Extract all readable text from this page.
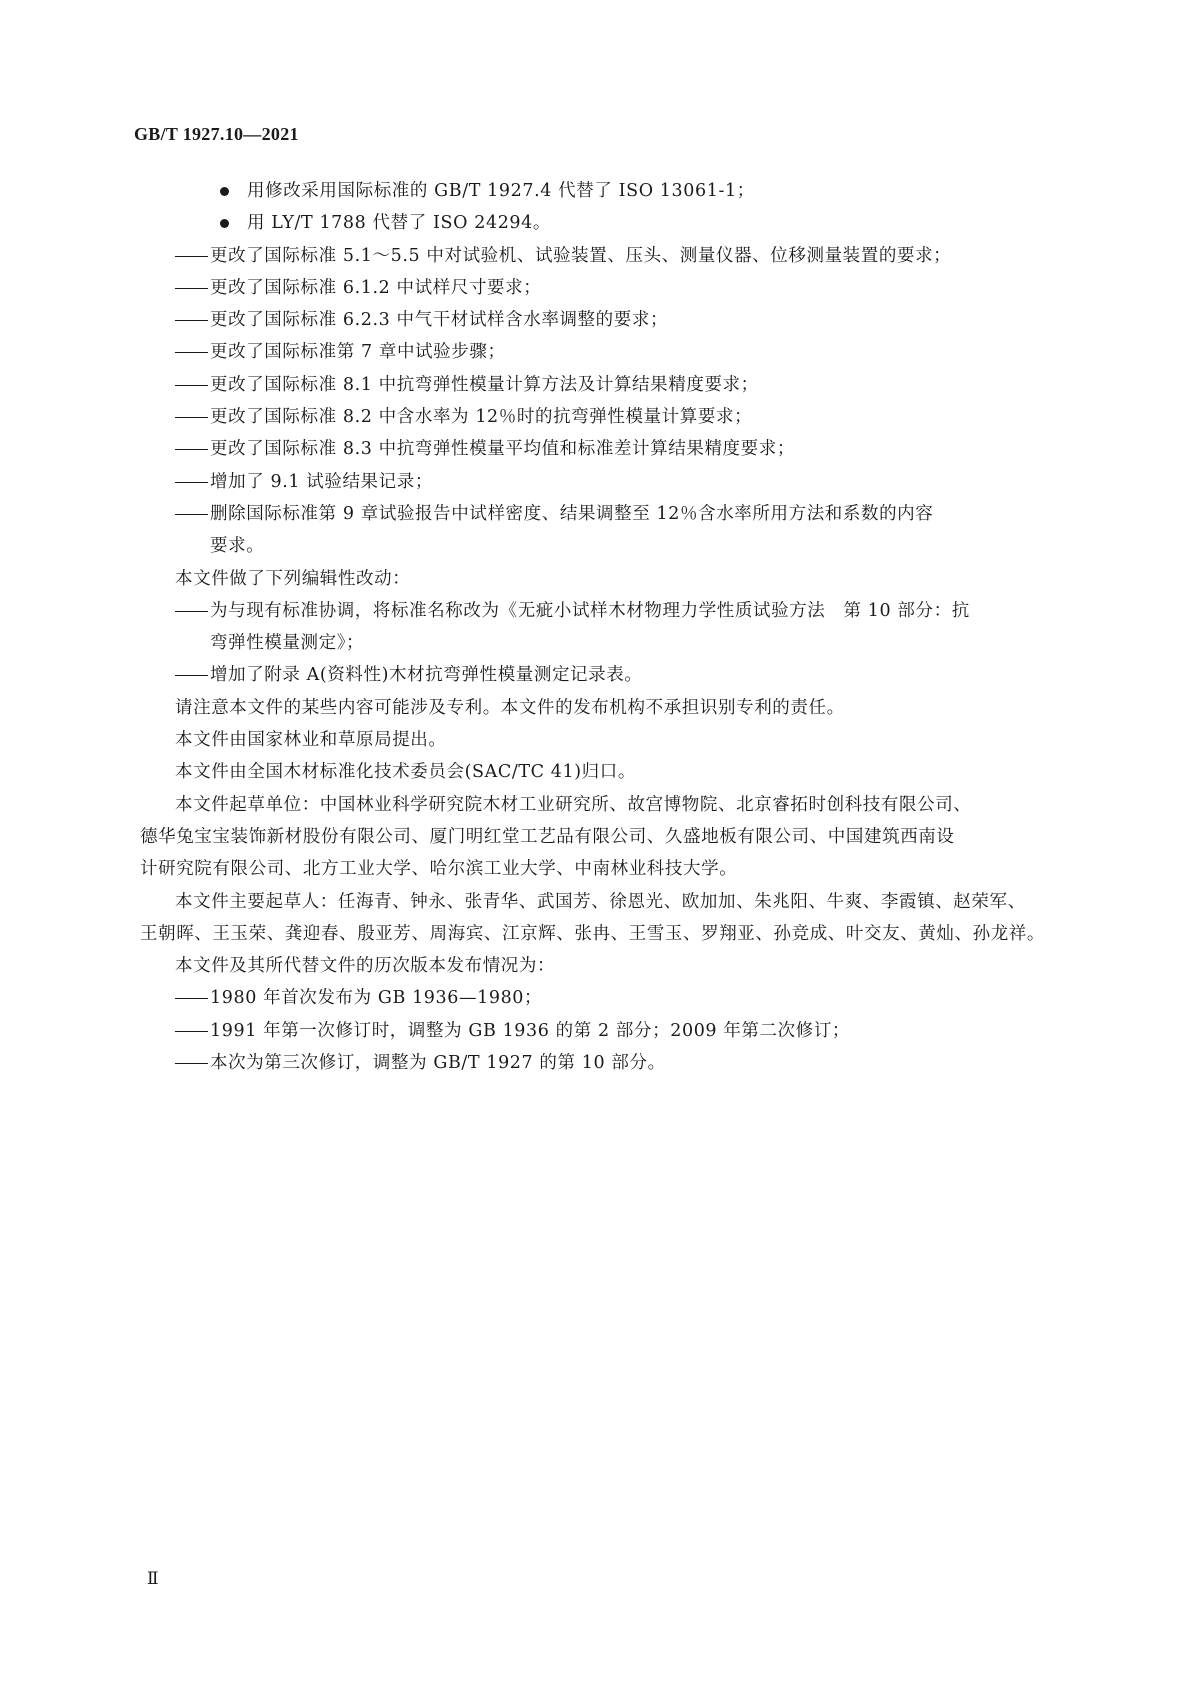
GB/T 1927.10—2021
用修改采用国际标准的 GB/T 1927.4 代替了 ISO 13061-1；
用 LY/T 1788 代替了 ISO 24294。
更改了国际标准 5.1～5.5 中对试验机、试验装置、压头、测量仪器、位移测量装置的要求；
更改了国际标准 6.1.2 中试样尺寸要求；
更改了国际标准 6.2.3 中气干材试样含水率调整的要求；
更改了国际标准第 7 章中试验步骤；
更改了国际标准 8.1 中抗弯弹性模量计算方法及计算结果精度要求；
更改了国际标准 8.2 中含水率为 12％时的抗弯弹性模量计算要求；
更改了国际标准 8.3 中抗弯弹性模量平均值和标准差计算结果精度要求；
增加了 9.1 试验结果记录；
删除国际标准第 9 章试验报告中试样密度、结果调整至 12％含水率所用方法和系数的内容
要求。
本文件做了下列编辑性改动：
为与现有标准协调，将标准名称改为《无疵小试样木材物理力学性质试验方法　第 10 部分：抗
弯弹性模量测定》；
增加了附录 A(资料性)木材抗弯弹性模量测定记录表。
请注意本文件的某些内容可能涉及专利。本文件的发布机构不承担识别专利的责任。
本文件由国家林业和草原局提出。
本文件由全国木材标准化技术委员会(SAC/TC 41)归口。
本文件起草单位：中国林业科学研究院木材工业研究所、故宫博物院、北京睿拓时创科技有限公司、
德华兔宝宝装饰新材股份有限公司、厦门明红堂工艺品有限公司、久盛地板有限公司、中国建筑西南设
计研究院有限公司、北方工业大学、哈尔滨工业大学、中南林业科技大学。
本文件主要起草人：任海青、钟永、张青华、武国芳、徐恩光、欧加加、朱兆阳、牛爽、李霞镇、赵荣军、
王朝晖、王玉荣、龚迎春、殷亚芳、周海宾、江京辉、张冉、王雪玉、罗翔亚、孙竞成、叶交友、黄灿、孙龙祥。
本文件及其所代替文件的历次版本发布情况为：
1980 年首次发布为 GB 1936—1980；
1991 年第一次修订时，调整为 GB 1936 的第 2 部分；2009 年第二次修订；
本次为第三次修订，调整为 GB/T 1927 的第 10 部分。
Ⅱ
